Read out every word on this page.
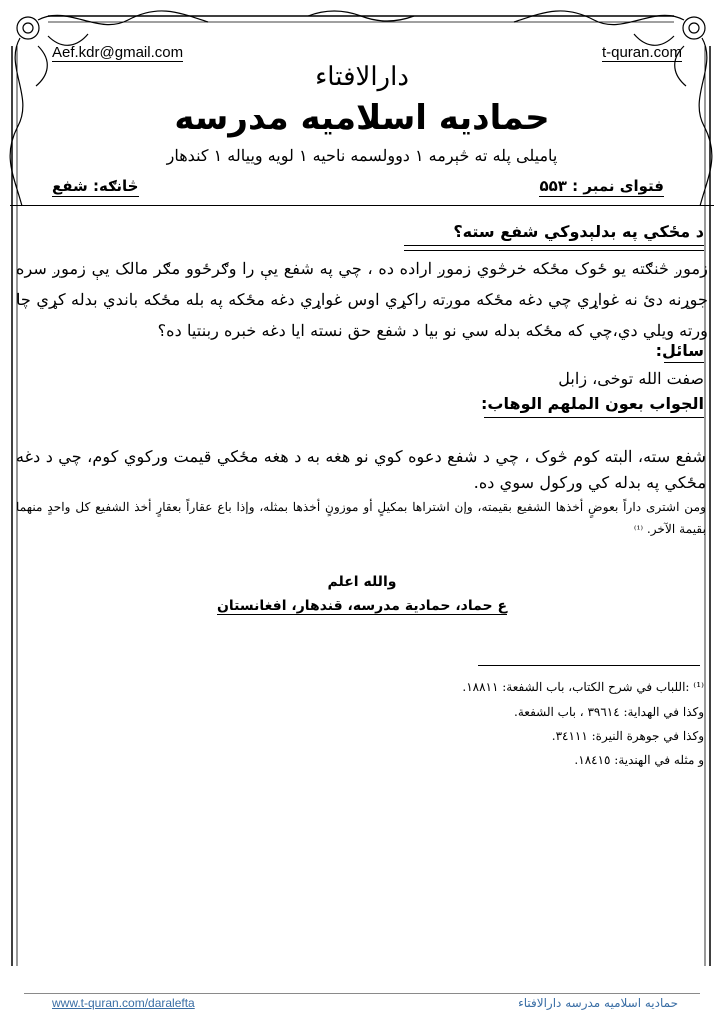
Aef.kdr@gmail.com	t-quran.com
دارالافتاء
حمادیه اسلامیه مدرسه
پاميلی پله ته څېرمه ۱ دوولسمه ناحيه ۱ لويه ويياله ۱ کندهار
فتوای نمبر : ۵۵۳
څانګه: شفع
د مځکي په بدلېدوکي شفع سته؟
زموږ څنګته یو ځوک مځکه خرڅوي زموږ اراده ده ، چي په شفع یې را وګرځوو مګر مالک يې زموږ سره جوړنه دئ نه غواړي چي دغه مځکه موږته راکړي اوس غواړي دغه مځکه په بله مځکه باندي بدله کړي چا ورته ویلي دي،چي که مځکه بدله سي نو بیا د شفع حق نسته ایا دغه خبره ربنتیا ده؟
سائل:
صفت الله توخی، زابل
الجواب بعون الملهم الوهاب:
شفع سته، البته کوم څوک ، چي د شفع دعوه کوي نو هغه به د هغه مځکي قیمت ورکوي کوم، چي د دغه مځکي په بدله کي ورکول سوي ده.
ومن اشترى داراً بعوضٍ أخذها الشفيع بقيمته، وإن اشتراها بمكيلٍ أو موزونٍ أخذها بمثله، وإذا باع عقاراً بعقارٍ أخذ الشفيع كل واحدٍ منهما بقيمة الآخر. ⁽¹⁾
والله اعلم
ع حماد، حمادیة مدرسه، قندهار، افغانستان
⁽¹⁾ :اللباب في شرح الكتاب، باب الشفعة: ١٨٨١١.
وكذا في الهداية: ٣٩٦١٤ ، باب الشفعة.
وكذا في جوهرة النيرة: ٣٤١١١.
و مثله في الهندية: ١٨٤١٥.
www.t-quran.com/daralefta	حمادیه اسلامیه مدرسه دارالافتاء
